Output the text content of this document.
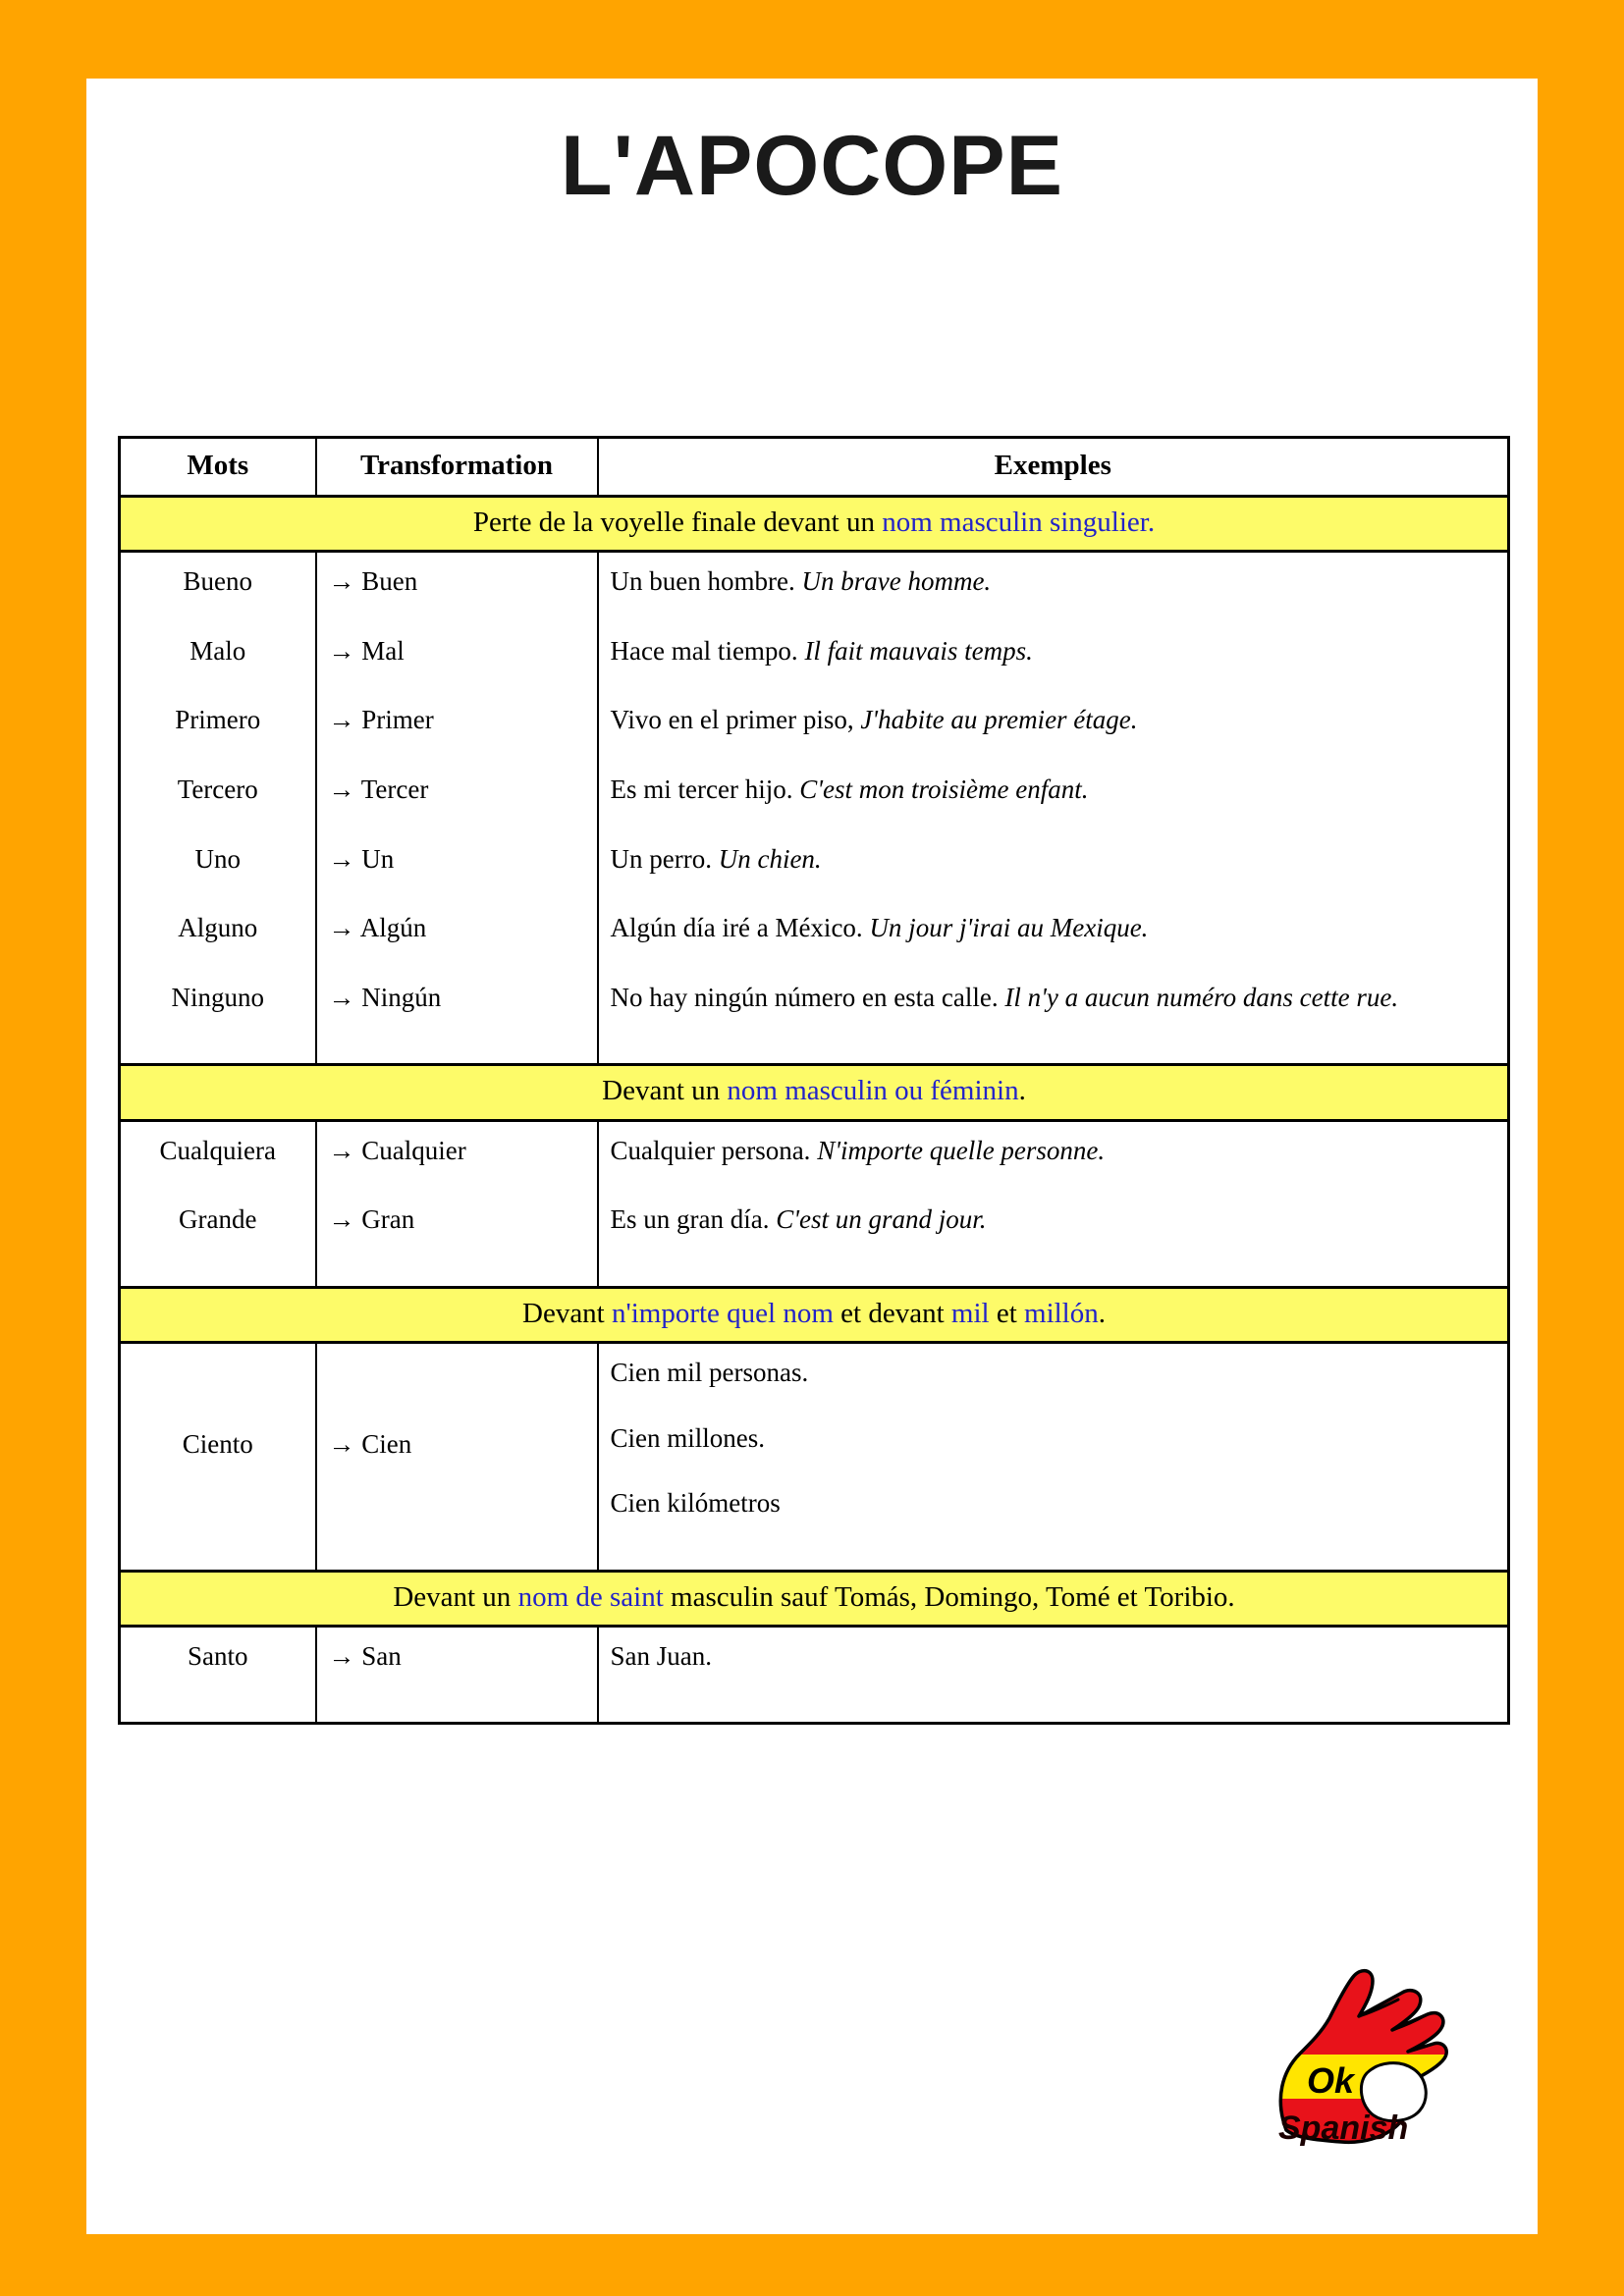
L'APOCOPE
Mots	Transformation	Exemples
Perte de la voyelle finale devant un nom masculin singulier.		
Bueno	→ Buen	Un buen hombre. Un brave homme.
Malo	→ Mal	Hace mal tiempo. Il fait mauvais temps.
Primero	→ Primer	Vivo en el primer piso, J'habite au premier étage.
Tercero	→ Tercer	Es mi tercer hijo. C'est mon troisième enfant.
Uno	→ Un	Un perro. Un chien.
Alguno	→ Algún	Algún día iré a México. Un jour j'irai au Mexique.
Ninguno	→ Ningún	No hay ningún número en esta calle. Il n'y a aucun numéro dans cette rue.

Devant un nom masculin ou féminin.		
Cualquiera	→ Cualquier	Cualquier persona. N'importe quelle personne.
Grande	→ Gran	Es un gran día. C'est un grand jour.

Devant n'importe quel nom et devant mil et millón.		
Ciento	→ Cien	Cien mil personas.
Cien millones.
Cien kilómetros

Devant un nom de saint masculin sauf Tomás, Domingo, Tomé et Toribio.		
Santo	→ San	San Juan.

Ok
Spanish
